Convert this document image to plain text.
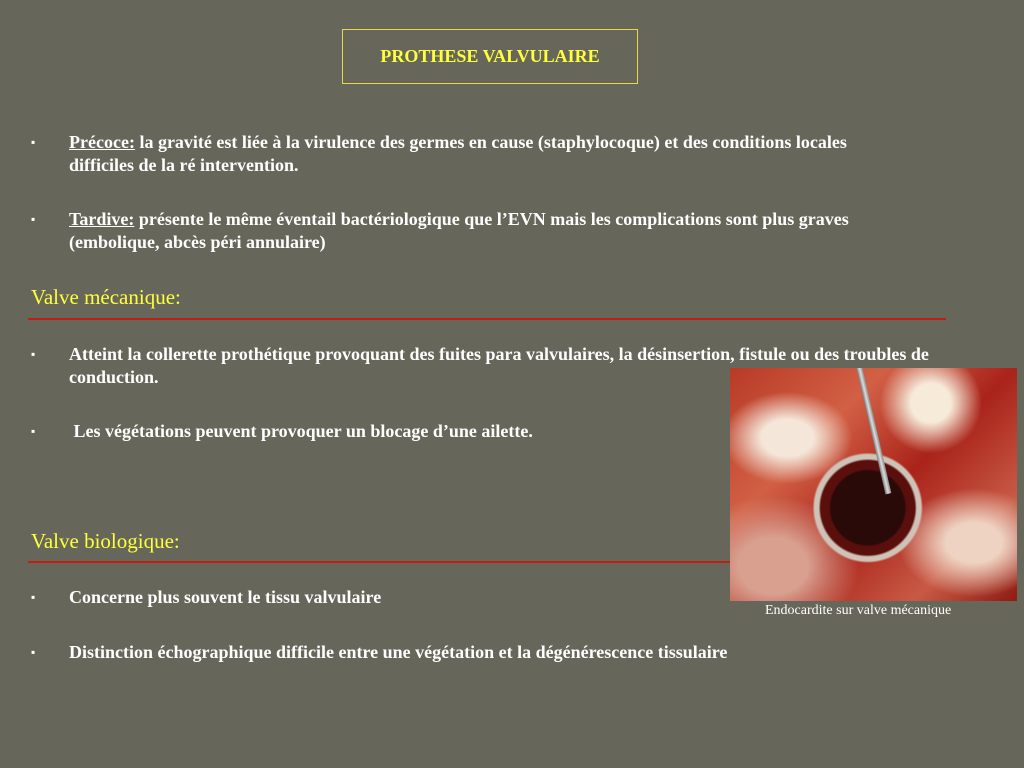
PROTHESE VALVULAIRE
▪ Précoce: la gravité est liée à la virulence des germes en cause (staphylocoque) et des conditions locales difficiles de la ré intervention.
▪ Tardive: présente le même éventail bactériologique que l’EVN mais les complications sont plus graves (embolique, abcès péri annulaire)
Valve mécanique:
▪ Atteint la collerette prothétique provoquant des fuites para valvulaires, la désinsertion, fistule ou des troubles de conduction.
▪ Les végétations peuvent provoquer un blocage d’une ailette.
Valve biologique:
▪ Concerne plus souvent le tissu valvulaire
▪ Distinction échographique difficile entre une végétation et la dégénérescence tissulaire
Endocardite sur valve mécanique
